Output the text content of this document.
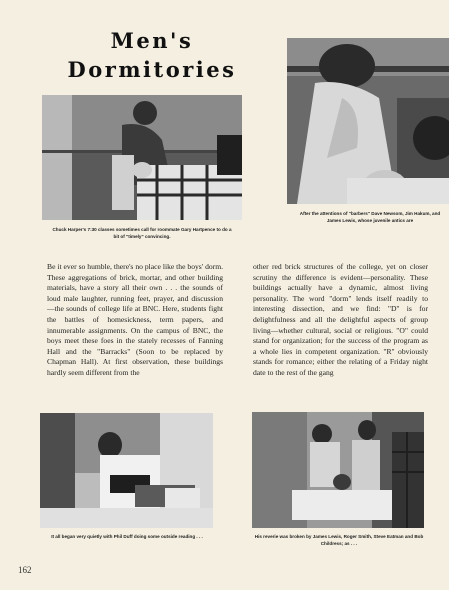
Men's
Dormitories

Chuck Harper's 7:30 classes sometimes call for roommate Gary Hartpence to do a bit of "timely" convincing.

After the attentions of "barbers" Dave Newsom, Jim Hakum, and James Lewis, whose juvenile antics are

Be it ever so humble, there's no place like the boys' dorm. These aggregations of brick, mortar, and other building materials, have a story all their own . . . the sounds of loud male laughter, running feet, prayer, and discussion—the sounds of college life at BNC. Here, students fight the battles of homesickness, term papers, and innumerable assignments. On the campus of BNC, the boys meet these foes in the stately recesses of Fanning Hall and the "Barracks" (Soon to be replaced by Chapman Hall). At first observation, these buildings hardly seem different from the
other red brick structures of the college, yet on closer scrutiny the difference is evident—personality. These buildings actually have a dynamic, almost living personality. The word "dorm" lends itself readily to interesting dissection, and we find: "D" is for delightfulness and all the delightful aspects of group living—whether cultural, social or religious. "O" could stand for organization; for the success of the program as a whole lies in competent organization. "R" obviously stands for romance; either the relating of a Friday night date to the rest of the gang

It all began very quietly with Phil Duff doing some outside reading . . .	His reverie was broken by James Lewis, Roger Smith, Steve Eatman and Bob Childress; as . . .

162
